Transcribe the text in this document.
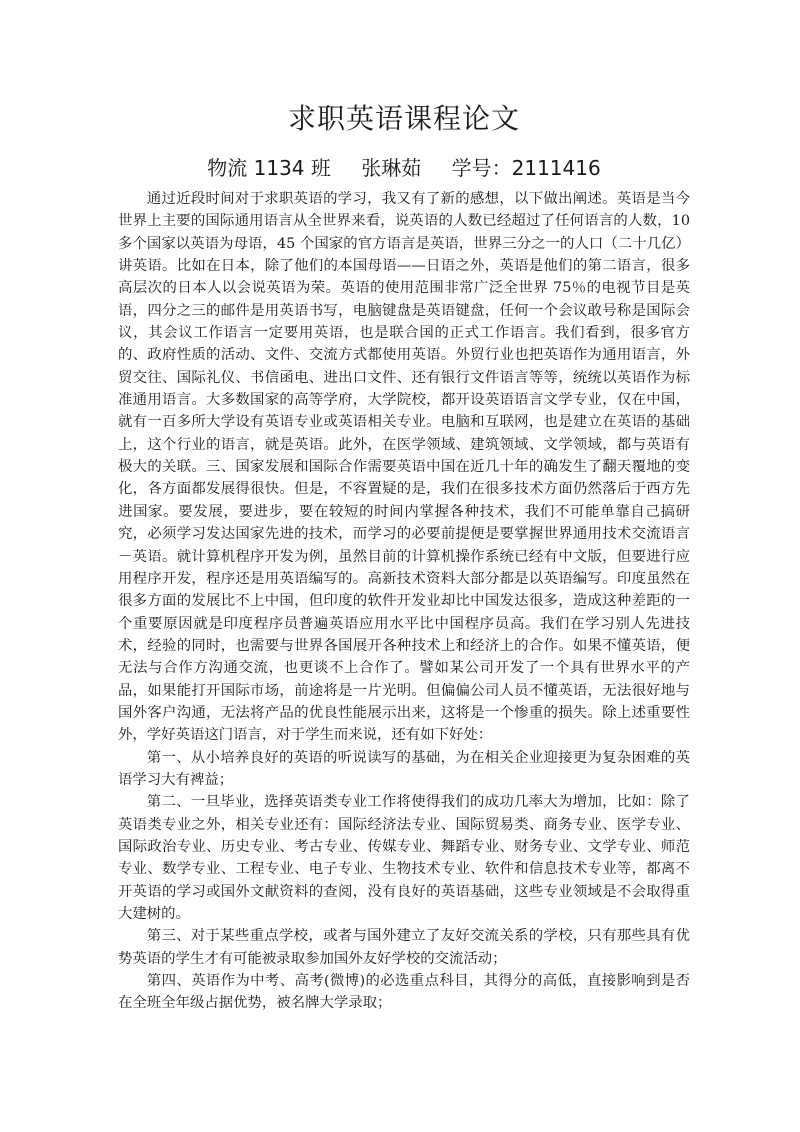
求职英语课程论文
物流 1134 班 张琳茹 学号：2111416

通过近段时间对于求职英语的学习，我又有了新的感想，以下做出阐述。英语是当今世界上主要的国际通用语言从全世界来看，说英语的人数已经超过了任何语言的人数，10 多个国家以英语为母语，45 个国家的官方语言是英语，世界三分之一的人口（二十几亿）讲英语。比如在日本，除了他们的本国母语——日语之外，英语是他们的第二语言，很多高层次的日本人以会说英语为荣。英语的使用范围非常广泛全世界 75％的电视节目是英语，四分之三的邮件是用英语书写，电脑键盘是英语键盘，任何一个会议敢号称是国际会议，其会议工作语言一定要用英语，也是联合国的正式工作语言。我们看到，很多官方的、政府性质的活动、文件、交流方式都使用英语。外贸行业也把英语作为通用语言，外贸交往、国际礼仪、书信函电、进出口文件、还有银行文件语言等等，统统以英语作为标准通用语言。大多数国家的高等学府，大学院校，都开设英语语言文学专业，仅在中国，就有一百多所大学设有英语专业或英语相关专业。电脑和互联网，也是建立在英语的基础上，这个行业的语言，就是英语。此外，在医学领域、建筑领域、文学领域，都与英语有极大的关联。三、国家发展和国际合作需要英语中国在近几十年的确发生了翻天覆地的变化，各方面都发展得很快。但是，不容置疑的是，我们在很多技术方面仍然落后于西方先进国家。要发展，要进步，要在较短的时间内掌握各种技术，我们不可能单靠自己搞研究，必须学习发达国家先进的技术，而学习的必要前提便是要掌握世界通用技术交流语言－英语。就计算机程序开发为例，虽然目前的计算机操作系统已经有中文版，但要进行应用程序开发，程序还是用英语编写的。高新技术资料大部分都是以英语编写。印度虽然在很多方面的发展比不上中国，但印度的软件开发业却比中国发达很多，造成这种差距的一个重要原因就是印度程序员普遍英语应用水平比中国程序员高。我们在学习别人先进技术，经验的同时，也需要与世界各国展开各种技术上和经济上的合作。如果不懂英语，便无法与合作方沟通交流，也更谈不上合作了。譬如某公司开发了一个具有世界水平的产品，如果能打开国际市场，前途将是一片光明。但偏偏公司人员不懂英语，无法很好地与国外客户沟通，无法将产品的优良性能展示出来，这将是一个惨重的损失。除上述重要性外，学好英语这门语言，对于学生而来说，还有如下好处：

第一、从小培养良好的英语的听说读写的基础，为在相关企业迎接更为复杂困难的英语学习大有裨益；

第二、一旦毕业，选择英语类专业工作将使得我们的成功几率大为增加，比如：除了英语类专业之外，相关专业还有：国际经济法专业、国际贸易类、商务专业、医学专业、国际政治专业、历史专业、考古专业、传媒专业、舞蹈专业、财务专业、文学专业、师范专业、数学专业、工程专业、电子专业、生物技术专业、软件和信息技术专业等，都离不开英语的学习或国外文献资料的查阅，没有良好的英语基础，这些专业领域是不会取得重大建树的。

第三、对于某些重点学校，或者与国外建立了友好交流关系的学校，只有那些具有优势英语的学生才有可能被录取参加国外友好学校的交流活动；

第四、英语作为中考、高考(微博)的必选重点科目，其得分的高低，直接影响到是否在全班全年级占据优势，被名牌大学录取；
